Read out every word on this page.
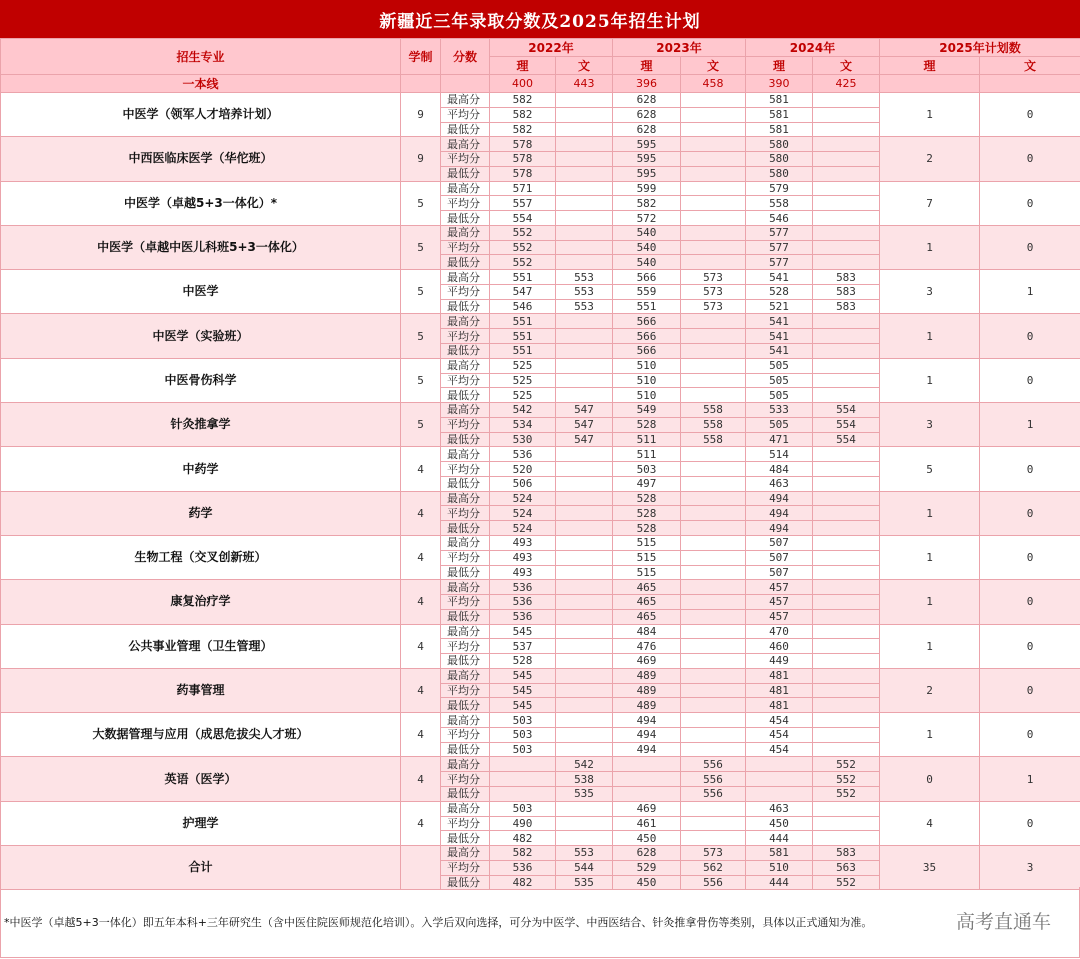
新疆近三年录取分数及2025年招生计划
招生专业	学制	分数	2022年		2023年		2024年		2025年计划数	
			理	文	理	文	理	文	理	文
一本线			400	443	396	458	390	425		
中医学（领军人才培养计划）	9	最高分	582		628		581		1	0
		平均分	582		628		581			
		最低分	582		628		581			
中西医临床医学（华佗班）	9	最高分	578		595		580		2	0
		平均分	578		595		580			
		最低分	578		595		580			
中医学（卓越5+3一体化）*	5	最高分	571		599		579		7	0
		平均分	557		582		558			
		最低分	554		572		546			
中医学（卓越中医儿科班5+3一体化）	5	最高分	552		540		577		1	0
		平均分	552		540		577			
		最低分	552		540		577			
中医学	5	最高分	551	553	566	573	541	583	3	1
		平均分	547	553	559	573	528	583		
		最低分	546	553	551	573	521	583		
中医学（实验班）	5	最高分	551		566		541		1	0
		平均分	551		566		541			
		最低分	551		566		541			
中医骨伤科学	5	最高分	525		510		505		1	0
		平均分	525		510		505			
		最低分	525		510		505			
针灸推拿学	5	最高分	542	547	549	558	533	554	3	1
		平均分	534	547	528	558	505	554		
		最低分	530	547	511	558	471	554		
中药学	4	最高分	536		511		514		5	0
		平均分	520		503		484			
		最低分	506		497		463			
药学	4	最高分	524		528		494		1	0
		平均分	524		528		494			
		最低分	524		528		494			
生物工程（交叉创新班）	4	最高分	493		515		507		1	0
		平均分	493		515		507			
		最低分	493		515		507			
康复治疗学	4	最高分	536		465		457		1	0
		平均分	536		465		457			
		最低分	536		465		457			
公共事业管理（卫生管理）	4	最高分	545		484		470		1	0
		平均分	537		476		460			
		最低分	528		469		449			
药事管理	4	最高分	545		489		481		2	0
		平均分	545		489		481			
		最低分	545		489		481			
大数据管理与应用（成思危拔尖人才班）	4	最高分	503		494		454		1	0
		平均分	503		494		454			
		最低分	503		494		454			
英语（医学）	4	最高分		542		556		552	0	1
		平均分		538		556		552		
		最低分		535		556		552		
护理学	4	最高分	503		469		463		4	0
		平均分	490		461		450			
		最低分	482		450		444			
合计		最高分	582	553	628	573	581	583	35	3
		平均分	536	544	529	562	510	563		
		最低分	482	535	450	556	444	552		
*中医学（卓越5+3一体化）即五年本科+三年研究生（含中医住院医师规范化培训）。入学后双向选择，可分为中医学、中西医结合、针灸推拿骨伤等类别，具体以正式通知为准。	高考直通车
